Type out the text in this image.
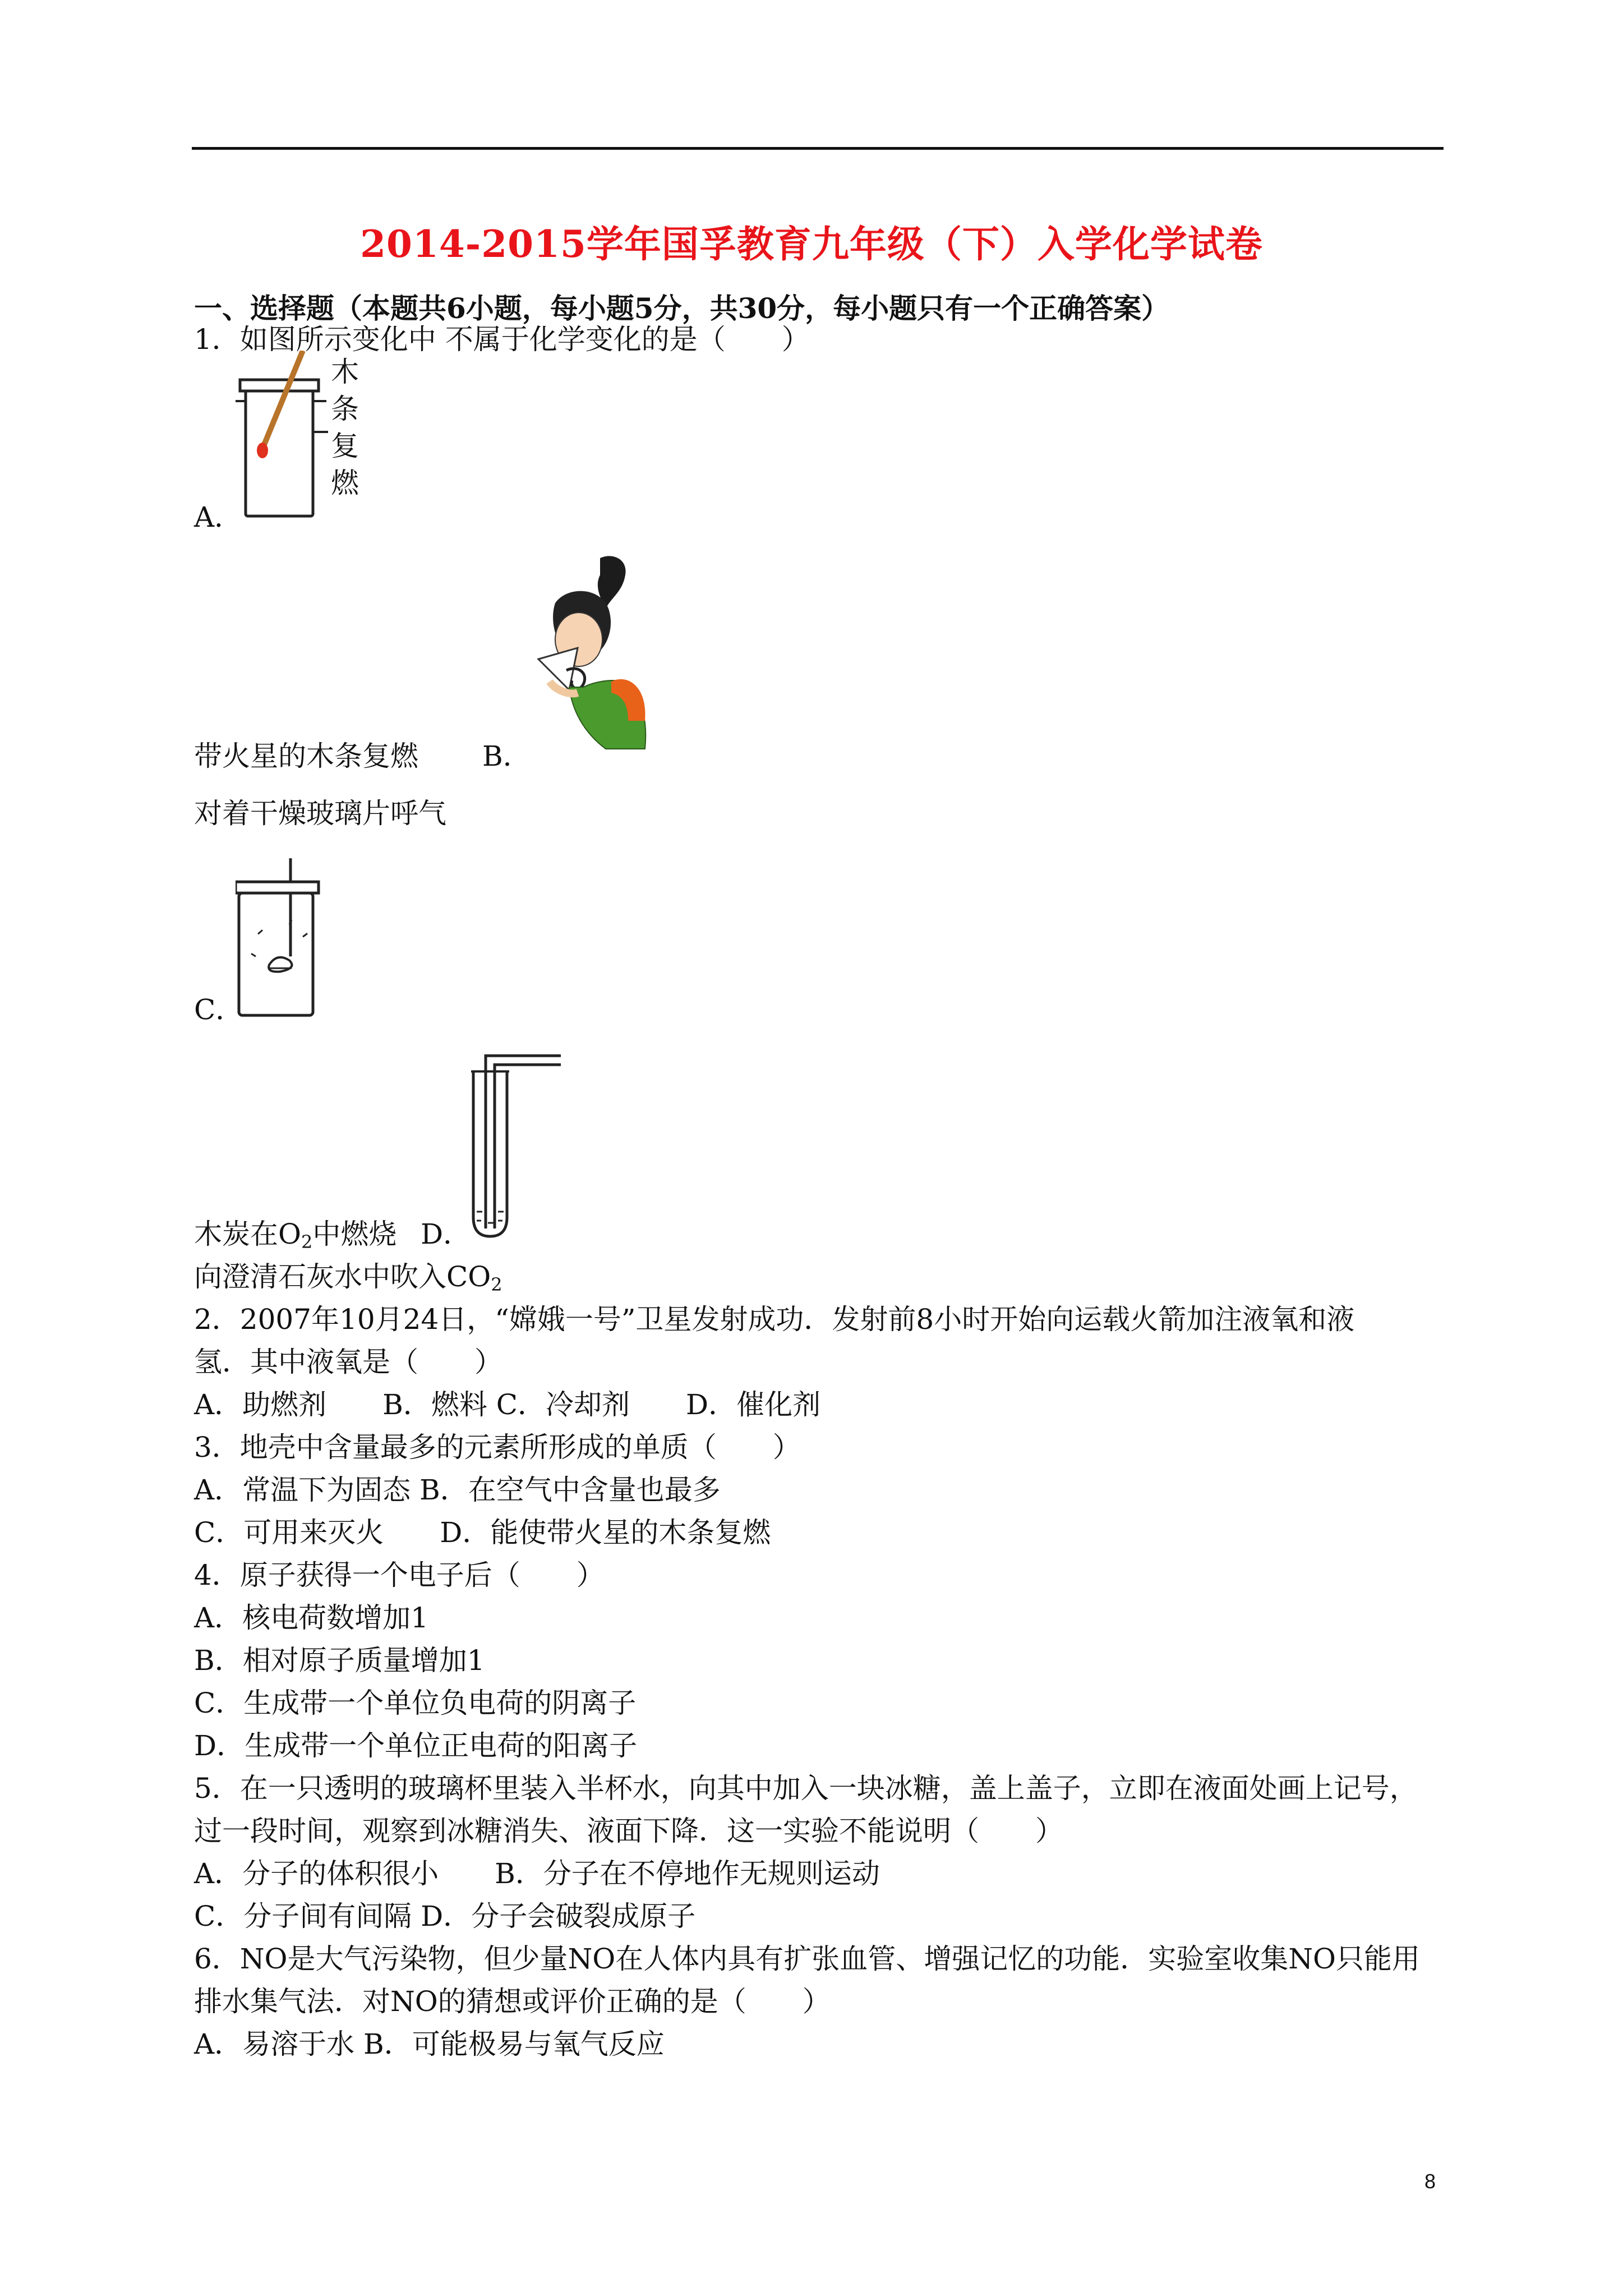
2014-2015学年国孚教育九年级（下）入学化学试卷
一、选择题（本题共6小题，每小题5分，共30分，每小题只有一个正确答案）
1．如图所示变化中 不属于化学变化的是（　　）
木
条
复
燃
A．
带火星的木条复燃 B．
对着干燥玻璃片呼气
C．
木炭在$O_2$中燃烧 D．
向澄清石灰水中吹入$CO_2$
2．2007年10月24日，“嫦娥一号”卫星发射成功．发射前8小时开始向运载火箭加注液氧和液
氢．其中液氧是（　　）
A．助燃剂　　B．燃料 C．冷却剂　　D．催化剂
3．地壳中含量最多的元素所形成的单质（　　）
A．常温下为固态 B．在空气中含量也最多
C．可用来灭火　　D．能使带火星的木条复燃
4．原子获得一个电子后（　　）
A．核电荷数增加1
B．相对原子质量增加1
C．生成带一个单位负电荷的阴离子
D．生成带一个单位正电荷的阳离子
5．在一只透明的玻璃杯里装入半杯水，向其中加入一块冰糖，盖上盖子，立即在液面处画上记号，
过一段时间，观察到冰糖消失、液面下降．这一实验不能说明（　　）
A．分子的体积很小　　B．分子在不停地作无规则运动
C．分子间有间隔 D．分子会破裂成原子
6．NO是大气污染物，但少量NO在人体内具有扩张血管、增强记忆的功能．实验室收集NO只能用
排水集气法．对NO的猜想或评价正确的是（　　）
A．易溶于水 B．可能极易与氧气反应
8
